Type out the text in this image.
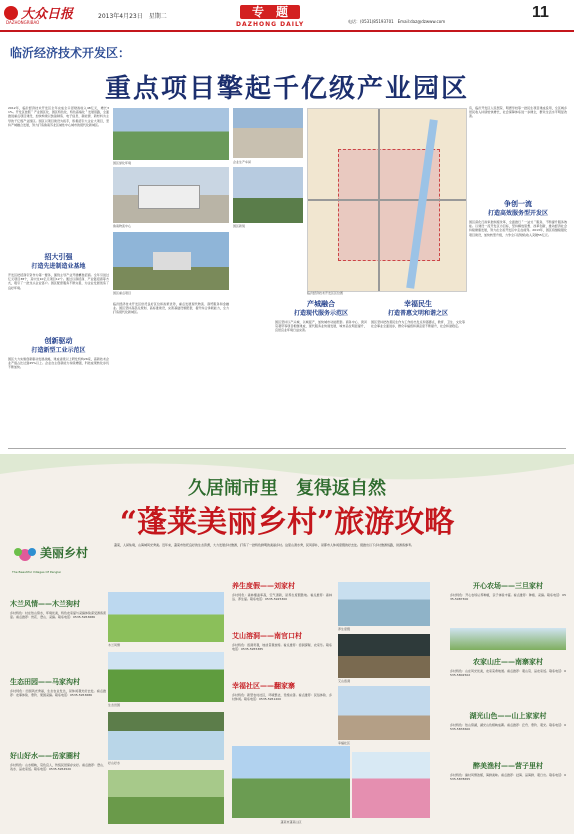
大众日报
DAZHONGRIBAO
2013年4月23日　星期二	专　题
DAZHONG DAILY	电话：(0531)85193701　Email:daz@dzwww.com
11
临沂经济技术开发区：
重点项目擎起千亿级产业园区
2012年，临沂经济技术开发区全年完成全口径财政收入48亿元，增长31%。开发区按照＂产业园区化、园区特色化、特色高端化＂发展思路，全面推进重点项目建设，加快构建以装备制造、电子信息、新能源、新材料为主导的千亿级产业园区。园区以项目建设为抓手，积极招引大企业大项目，坚持产城融合发展，努力打造鲁南苏北区域性中心城市的现代化新城区。
招大引强
打造先进制造业基地
开发区把招商引资作为第一要务，围绕主导产业开展精准招商。全年引进过亿元项目38个，其中过10亿元项目12个。通过以商招商、产业链招商等方式，吸引了一批龙头企业落户。园区配套服务不断完善，为企业发展创造了良好环境。
创新驱动
打造新型工业示范区
园区大力实施创新驱动发展战略，建成省级以上研发机构26家，高新技术企业产值占比达到45%以上。企业自主创新能力持续增强，科技成果转化步伐不断加快。
园区绿化环境
鲁南物流中心
园区重点项目
临沂经济技术开发区依托良好区位和政策优势，重点发展现代物流、商贸服务和金融业。园区坚持高起点规划、高标准建设，完善基础设施配套，提升综合承载能力，全力打造现代化新城区。
企业生产车间
园区新貌
临沂经济技术开发区区位图
产城融合
打造现代服务示范区
园区坚持以产兴城、以城促产，加快城市功能配套。商务中心、滨河景观带等项目相继建成，现代服务业快速发展，城市品位明显提升，宜居宜业环境日益完善。
幸福民生
打造普惠文明和谐之区
园区坚持把改善民生作为工作的出发点和落脚点，教育、卫生、文化等社会事业全面进步，群众幸福感和满意度不断提升，社会和谐稳定。
有，临沂开发区人民医院、明德学校等一批民生项目建成投用，全区城乡居民收入持续较快增长，社会保障体系进一步健全，群众生活水平明显改善。
争创一流
打造高效服务型开发区
园区深化行政审批制度改革，全面推行＂一站式＂服务，不断提升服务效能。以建设一流开发区为目标，坚持解放思想、改革创新，推动经济社会持续健康发展，努力在全省开发区中走在前列。2013年，园区将继续强化项目建设，加快转型升级，力争全口径财政收入突破55亿元。
久居闹市里　复得返自然
“蓬莱美丽乡村”旅游攻略
美丽乡村
The Beautiful Villages Of Penglai
蓬莱，人间仙境，山海城风光秀美。近年来，蓬莱市依托良好的生态资源，大力发展乡村旅游，打造了一批特色鲜明的美丽乡村。这里山清水秀，民风淳朴，是都市人休闲度假的好去处。现推出以下乡村旅游线路，供游客参考。
木兰风情——木兰狗村
乡村特色：村庄依山傍水，环境优美，特色农家宴与采摘体验深受游客喜爱。看点推荐：赏花、登山、采摘。联系电话：0535-5953686
生态田园——马家沟村
乡村特色：田园风光秀丽，生态农业发达，是休闲观光好去处。看点推荐：农事体验、垂钓、果园采摘。联系电话：0535-5953686
好山好水——岳家圈村
乡村特色：山水相映，景色宜人，传统民居保存完好。看点推荐：登山、戏水、品农家饭。联系电话：0535-5954520
木兰风情
生态田园
好山好水
养生度假——刘家村
乡村特色：森林覆盖率高，空气清新，是养生度假胜地。看点推荐：森林浴、养生宴。联系电话：0535-5925300
艾山溶洞——南官口村
乡村特色：溶洞奇观，地质景观独特。看点推荐：溶洞探秘、农家乐。联系电话：0535-5955385
幸福社区——翻家寨
乡村特色：新型农村社区，环境整洁，设施完善。看点推荐：民俗体验、乡村休闲。联系电话：0535-5951200
蓬莱市蓬莱山区
养生度假
艾山溶洞
幸福社区
开心农场——三旦家村
乡村特色：开心农场认养种植，亲子体验丰富。看点推荐：种植、采摘。联系电话：0535-5987300
农家山庄——南寨家村
乡村特色：山庄风光优美，农家菜肴地道。看点推荐：观山景、品农家饭。联系电话：0535-5802502
湖光山色——山上家家村
乡村特色：依山傍湖，湖光山色相映成趣。看点推荐：泛舟、垂钓、观光。联系电话：0535-5833600
醉美渔村——营子里村
乡村特色：渔村风情浓郁，海鲜美味。看点推荐：赶海、品海鲜、观日出。联系电话：0535-5878655
